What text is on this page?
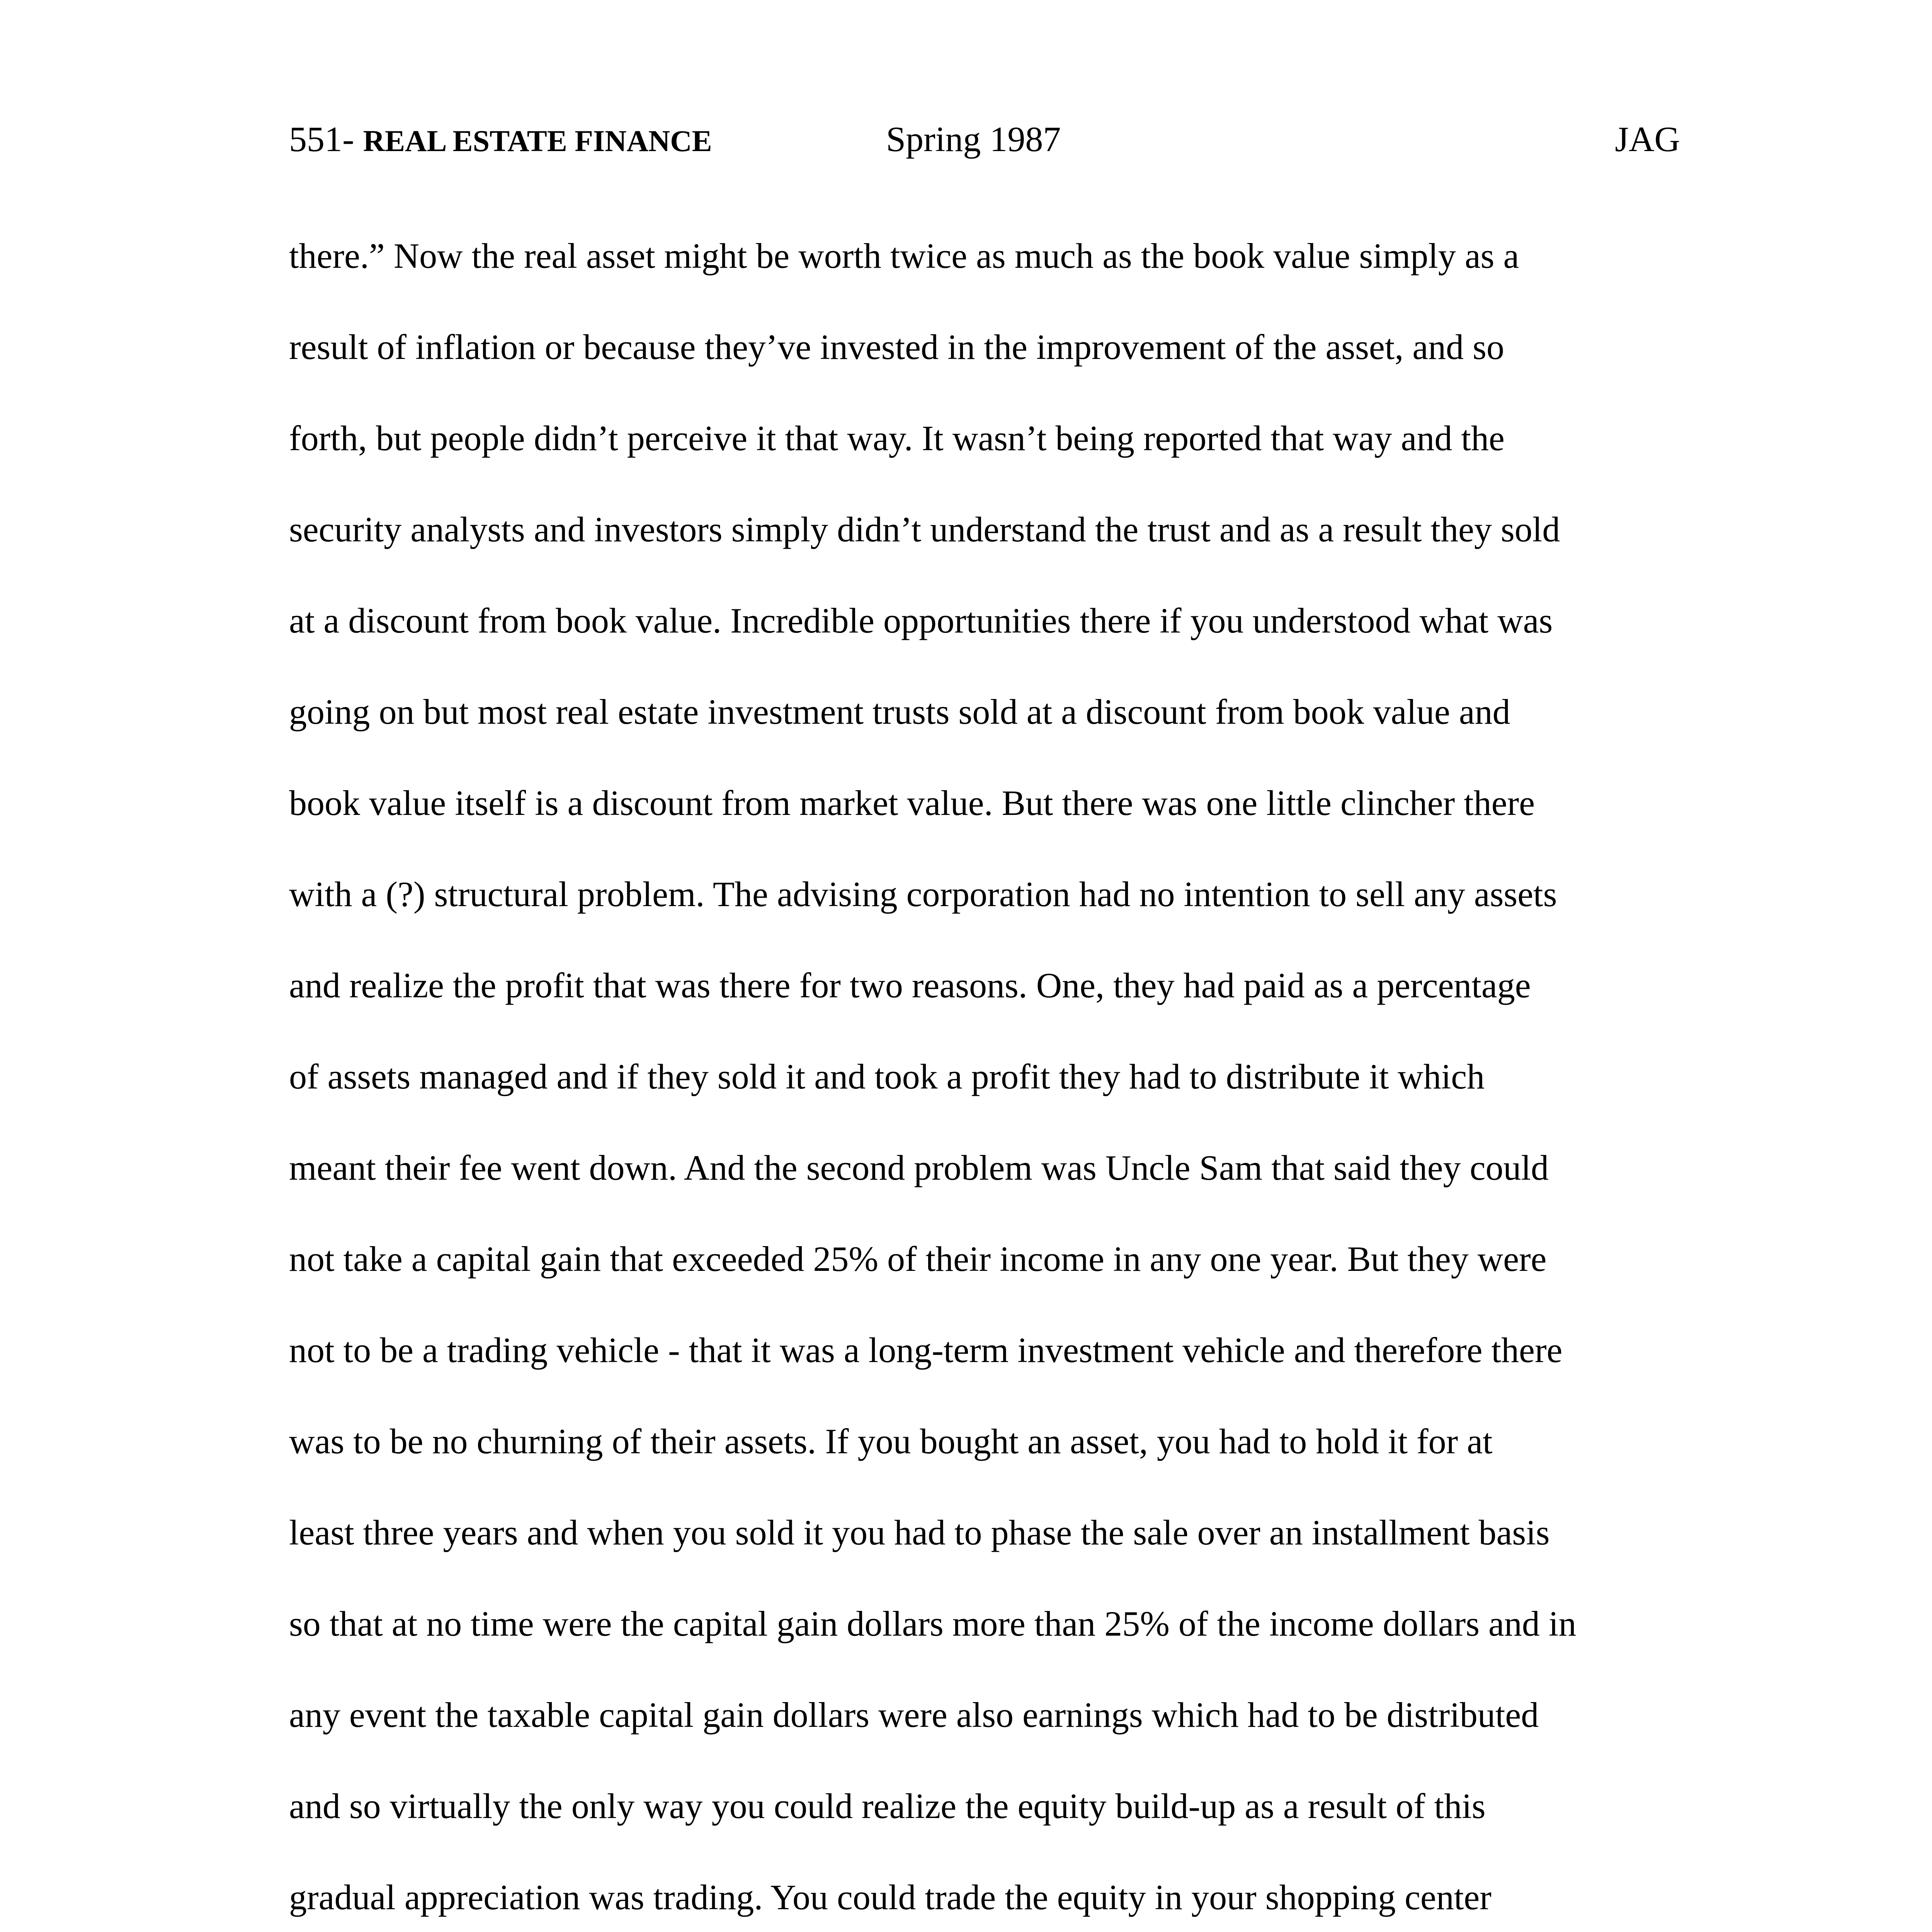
551- REAL ESTATE FINANCE	Spring 1987	JAG
there.” Now the real asset might be worth twice as much as the book value simply as a
result of inflation or because they’ve invested in the improvement of the asset, and so
forth, but people didn’t perceive it that way. It wasn’t being reported that way and the
security analysts and investors simply didn’t understand the trust and as a result they sold
at a discount from book value. Incredible opportunities there if you understood what was
going on but most real estate investment trusts sold at a discount from book value and
book value itself is a discount from market value. But there was one little clincher there
with a (?) structural problem. The advising corporation had no intention to sell any assets
and realize the profit that was there for two reasons. One, they had paid as a percentage
of assets managed and if they sold it and took a profit they had to distribute it which
meant their fee went down. And the second problem was Uncle Sam that said they could
not take a capital gain that exceeded 25% of their income in any one year. But they were
not to be a trading vehicle - that it was a long-term investment vehicle and therefore there
was to be no churning of their assets. If you bought an asset, you had to hold it for at
least three years and when you sold it you had to phase the sale over an installment basis
so that at no time were the capital gain dollars more than 25% of the income dollars and in
any event the taxable capital gain dollars were also earnings which had to be distributed
and so virtually the only way you could realize the equity build-up as a result of this
gradual appreciation was trading. You could trade the equity in your shopping center
